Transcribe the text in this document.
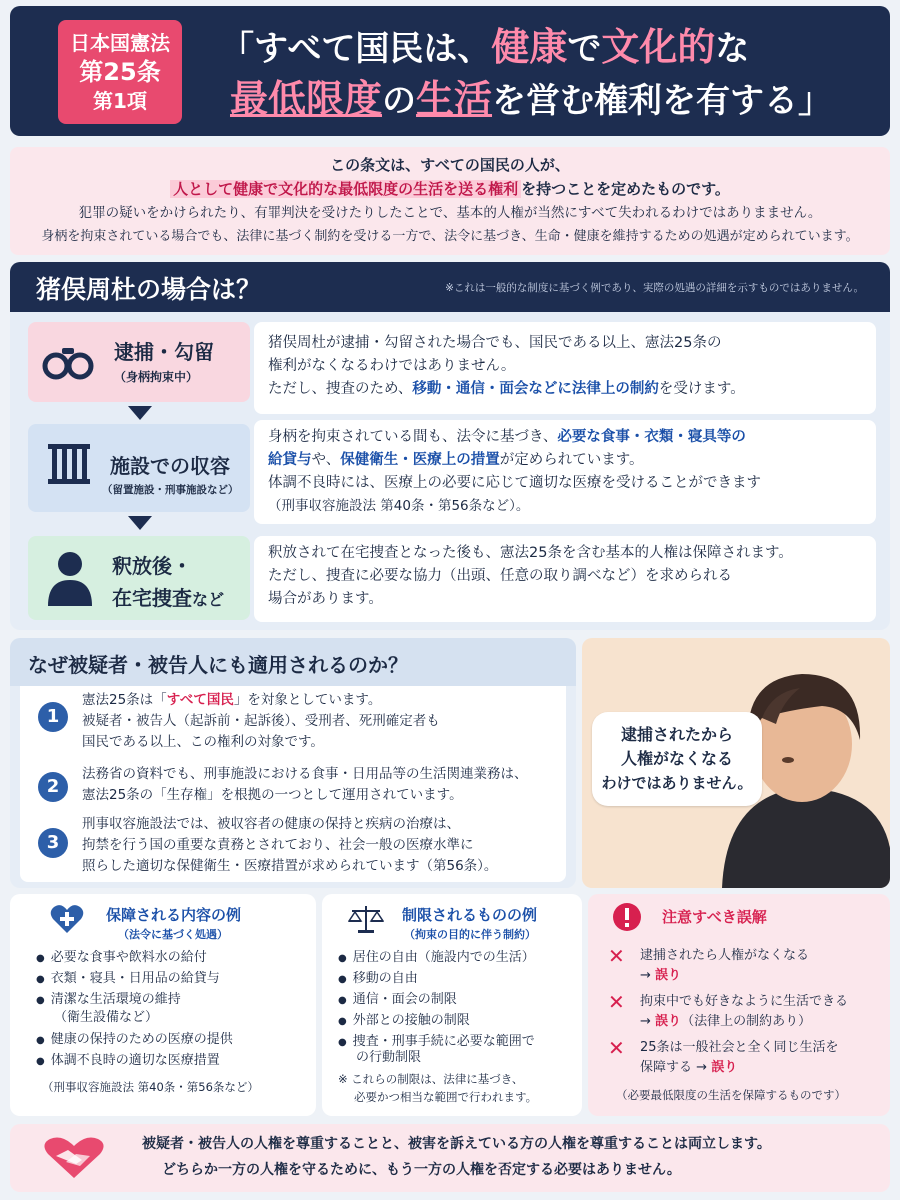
日本国憲法
第25条
第1項
「すべて国民は、健康で文化的な
最低限度の生活を営む権利を有する」

この条文は、すべての国民の人が、

人として健康で文化的な最低限度の生活を送る権利 を持つことを定めたものです。

犯罪の疑いをかけられたり、有罪判決を受けたりしたことで、基本的人権が当然にすべて失われるわけではありまません。

身柄を拘束されている場合でも、法律に基づく制約を受ける一方で、法令に基づき、生命・健康を維持するための処遇が定められています。

猪俣周杜の場合は？	※これは一般的な制度に基づく例であり、実際の処遇の詳細を示すものではありません。
逮捕・勾留
（身柄拘束中）

猪俣周杜が逮捕・勾留された場合でも、国民である以上、憲法25条の

権利がなくなるわけではありません。

ただし、捜査のため、移動・通信・面会などに法律上の制約を受けます。

施設での収容
（留置施設・刑事施設など）

身柄を拘束されている間も、法令に基づき、必要な食事・衣類・寝具等の

給貸与や、保健衛生・医療上の措置が定められています。

体調不良時には、医療上の必要に応じて適切な医療を受けることができます

（刑事収容施設法 第40条・第56条など）。

釈放後・
在宅捜査など

釈放されて在宅捜査となった後も、憲法25条を含む基本的人権は保障されます。

ただし、捜査に必要な協力（出頭、任意の取り調べなど）を求められる

場合があります。

なぜ被疑者・被告人にも適用されるのか？
1
憲法25条は「すべて国民」を対象としています。
被疑者・被告人（起訴前・起訴後）、受刑者、死刑確定者も
国民である以上、この権利の対象です。
2
法務省の資料でも、刑事施設における食事・日用品等の生活関連業務は、
憲法25条の「生存権」を根拠の一つとして運用されています。
3
刑事収容施設法では、被収容者の健康の保持と疾病の治療は、
拘禁を行う国の重要な責務とされており、社会一般の医療水準に
照らした適切な保健衛生・医療措置が求められています（第56条）。
逮捕されたから
人権がなくなる
わけではありません。
保障される内容の例
（法令に基づく処遇）
● 必要な食事や飲料水の給付
● 衣類・寝具・日用品の給貸与
● 清潔な生活環境の維持
（衛生設備など）
● 健康の保持のための医療の提供
● 体調不良時の適切な医療措置
（刑事収容施設法 第40条・第56条など）
制限されるものの例
（拘束の目的に伴う制約）
● 居住の自由（施設内での生活）
● 移動の自由
● 通信・面会の制限
● 外部との接触の制限
● 捜査・刑事手続に必要な範囲で
の行動制限
※ これらの制限は、法律に基づき、
必要かつ相当な範囲で行われます。
注意すべき誤解
✕ 逮捕されたら人権がなくなる
→ 誤り
✕ 拘束中でも好きなように生活できる
→ 誤り（法律上の制約あり）
✕ 25条は一般社会と全く同じ生活を
保障する → 誤り
（必要最低限度の生活を保障するものです）

被疑者・被告人の人権を尊重することと、被害を訴えている方の人権を尊重することは両立します。

どちらか一方の人権を守るために、もう一方の人権を否定する必要はありません。
